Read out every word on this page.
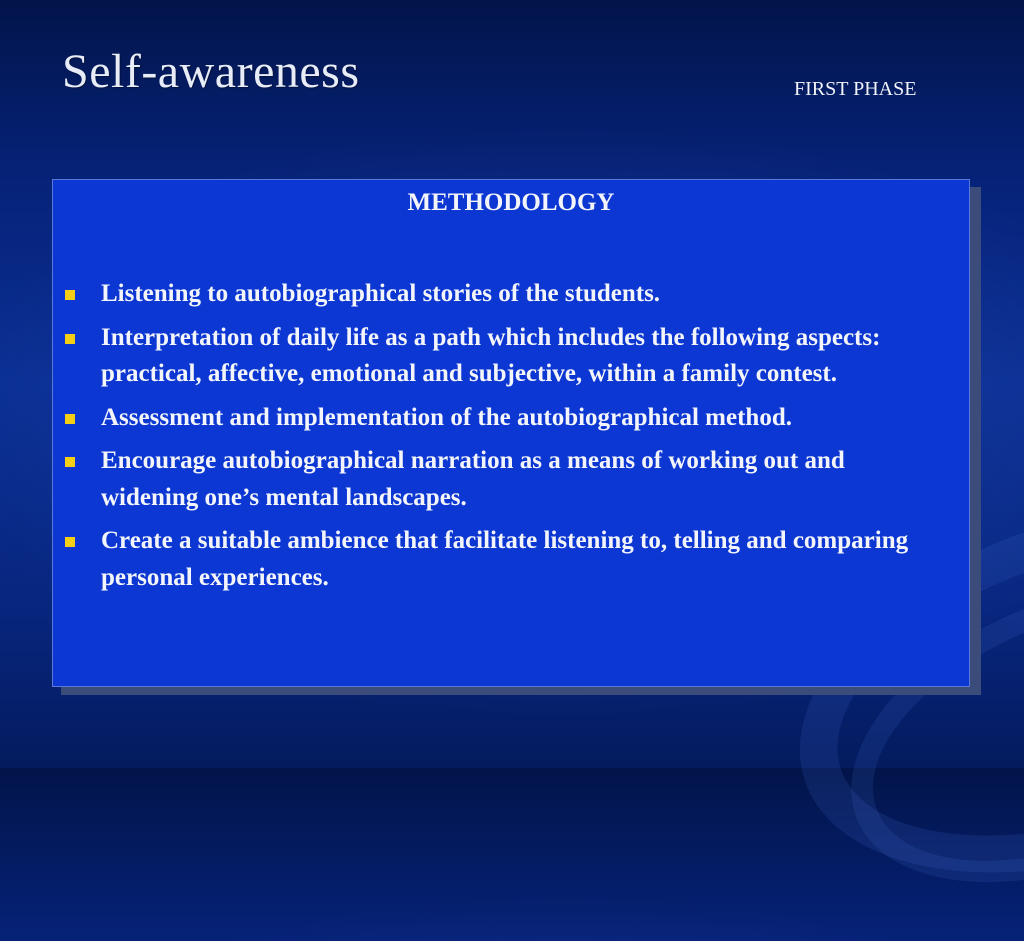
Self-awareness	FIRST PHASE
METHODOLOGY
Listening to autobiographical stories of the students.
Interpretation of daily life as a path which includes the following aspects: practical, affective, emotional and subjective, within a family contest.
Assessment and implementation of the autobiographical method.
Encourage autobiographical narration as a means of working out and widening one’s mental landscapes.
Create a suitable ambience that facilitate listening to, telling and comparing personal experiences.
